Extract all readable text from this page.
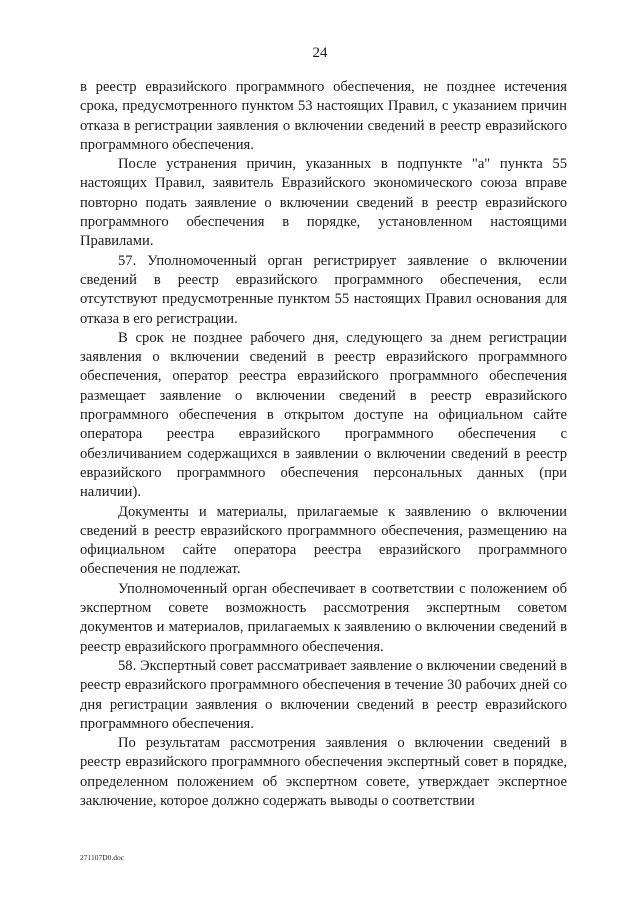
24

в реестр евразийского программного обеспечения, не позднее истечения срока, предусмотренного пунктом 53 настоящих Правил, с указанием причин отказа в регистрации заявления о включении сведений в реестр евразийского программного обеспечения.

После устранения причин, указанных в подпункте "а" пункта 55 настоящих Правил, заявитель Евразийского экономического союза вправе повторно подать заявление о включении сведений в реестр евразийского программного обеспечения в порядке, установленном настоящими Правилами.

57. Уполномоченный орган регистрирует заявление о включении сведений в реестр евразийского программного обеспечения, если отсутствуют предусмотренные пунктом 55 настоящих Правил основания для отказа в его регистрации.

В срок не позднее рабочего дня, следующего за днем регистрации заявления о включении сведений в реестр евразийского программного обеспечения, оператор реестра евразийского программного обеспечения размещает заявление о включении сведений в реестр евразийского программного обеспечения в открытом доступе на официальном сайте оператора реестра евразийского программного обеспечения с обезличиванием содержащихся в заявлении о включении сведений в реестр евразийского программного обеспечения персональных данных (при наличии).

Документы и материалы, прилагаемые к заявлению о включении сведений в реестр евразийского программного обеспечения, размещению на официальном сайте оператора реестра евразийского программного обеспечения не подлежат.

Уполномоченный орган обеспечивает в соответствии с положением об экспертном совете возможность рассмотрения экспертным советом документов и материалов, прилагаемых к заявлению о включении сведений в реестр евразийского программного обеспечения.

58. Экспертный совет рассматривает заявление о включении сведений в реестр евразийского программного обеспечения в течение 30 рабочих дней со дня регистрации заявления о включении сведений в реестр евразийского программного обеспечения.

По результатам рассмотрения заявления о включении сведений в реестр евразийского программного обеспечения экспертный совет в порядке, определенном положением об экспертном совете, утверждает экспертное заключение, которое должно содержать выводы о соответствии

271107D0.doc
